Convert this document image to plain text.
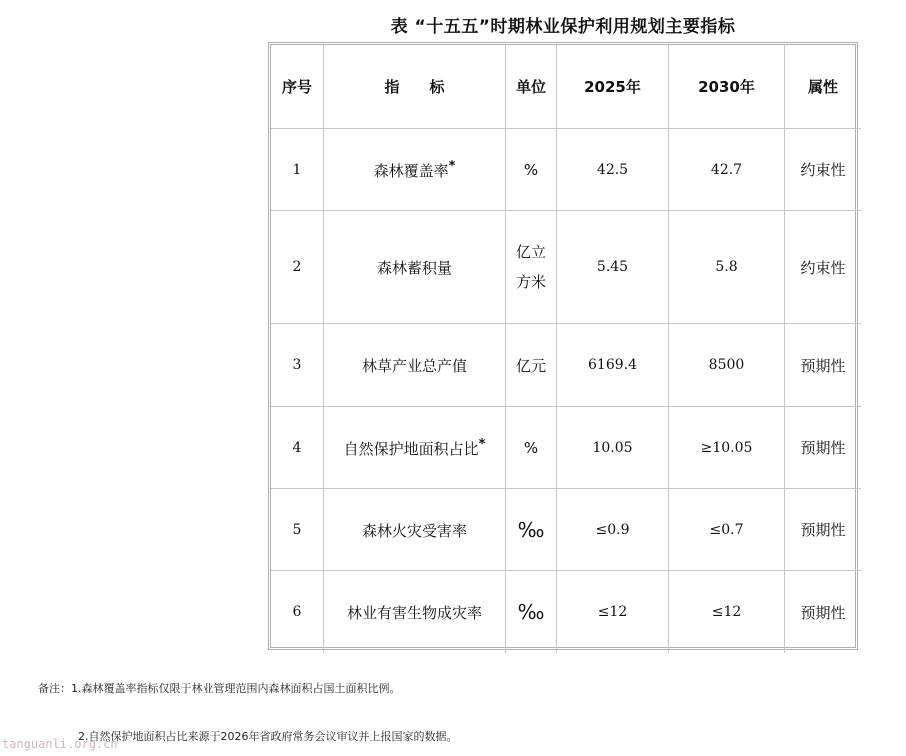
表 “十五五”时期林业保护利用规划主要指标
序号	指　　标	单位	2025年	2030年	属性
1	森林覆盖率*	%	42.5	42.7	约束性
2	森林蓄积量	亿立方米	5.45	5.8	约束性
3	林草产业总产值	亿元	6169.4	8500	预期性
4	自然保护地面积占比*	%	10.05	≥10.05	预期性
5	森林火灾受害率	‰	≤0.9	≤0.7	预期性
6	林业有害生物成灾率	‰	≤12	≤12	预期性
备注：1.森林覆盖率指标仅限于林业管理范围内森林面积占国土面积比例。
2.自然保护地面积占比来源于2026年省政府常务会议审议并上报国家的数据。
tanguanli.org.cn
